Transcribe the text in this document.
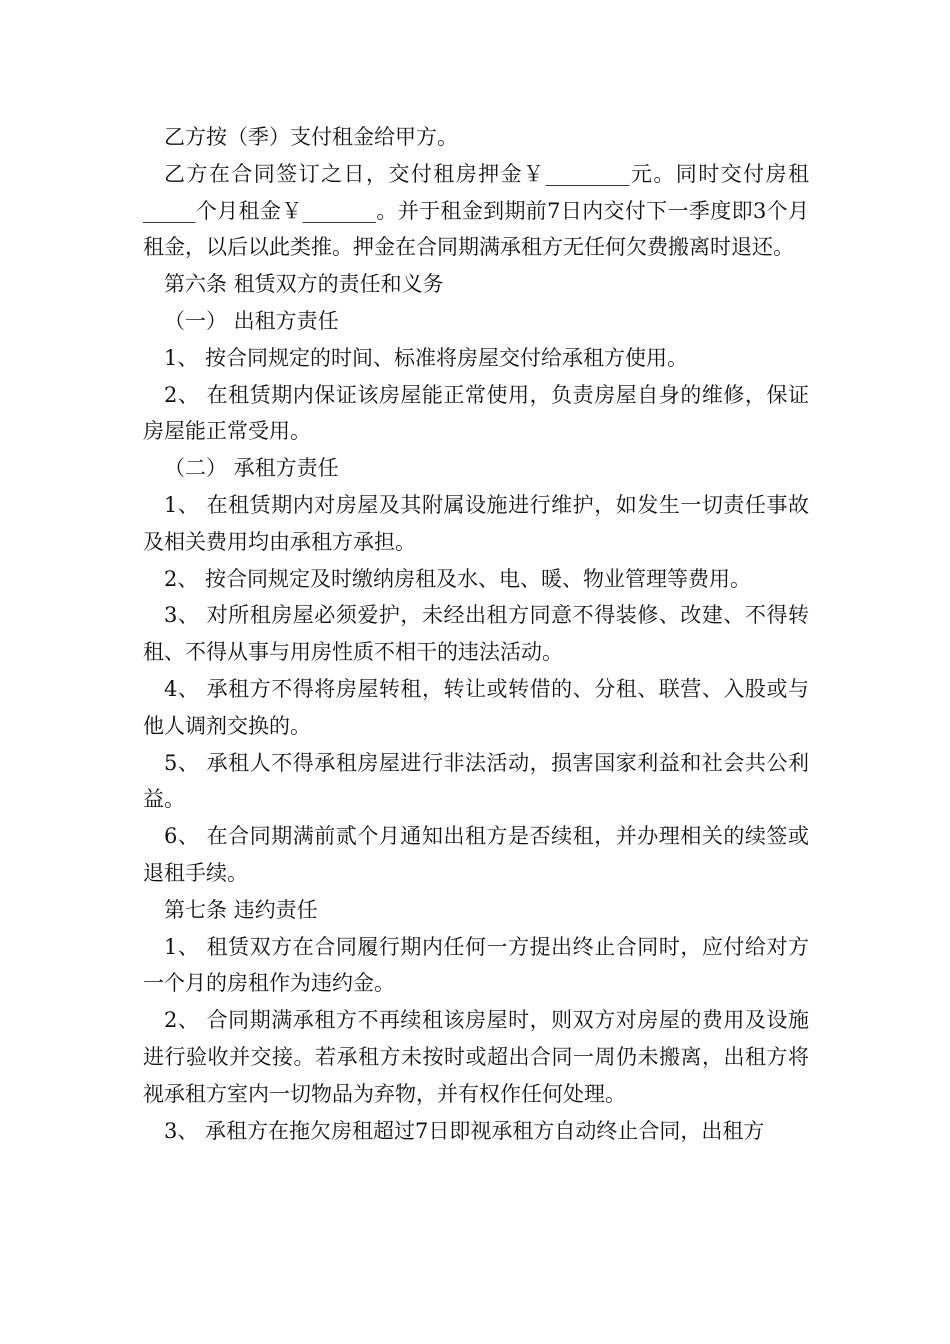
乙方按（季）支付租金给甲方。

乙方在合同签订之日，交付租房押金￥________元。同时交付房租_____个月租金￥_______。并于租金到期前7日内交付下一季度即3个月租金，以后以此类推。押金在合同期满承租方无任何欠费搬离时退还。

第六条 租赁双方的责任和义务

（一） 出租方责任

1、 按合同规定的时间、标准将房屋交付给承租方使用。

2、 在租赁期内保证该房屋能正常使用，负责房屋自身的维修，保证房屋能正常受用。

（二） 承租方责任

1、 在租赁期内对房屋及其附属设施进行维护，如发生一切责任事故及相关费用均由承租方承担。

2、 按合同规定及时缴纳房租及水、电、暖、物业管理等费用。

3、 对所租房屋必须爱护，未经出租方同意不得装修、改建、不得转租、不得从事与用房性质不相干的违法活动。

4、 承租方不得将房屋转租，转让或转借的、分租、联营、入股或与他人调剂交换的。

5、 承租人不得承租房屋进行非法活动，损害国家利益和社会共公利益。

6、 在合同期满前贰个月通知出租方是否续租，并办理相关的续签或退租手续。

第七条 违约责任

1、 租赁双方在合同履行期内任何一方提出终止合同时，应付给对方一个月的房租作为违约金。

2、 合同期满承租方不再续租该房屋时，则双方对房屋的费用及设施进行验收并交接。若承租方未按时或超出合同一周仍未搬离，出租方将视承租方室内一切物品为弃物，并有权作任何处理。

3、 承租方在拖欠房租超过7日即视承租方自动终止合同，出租方
